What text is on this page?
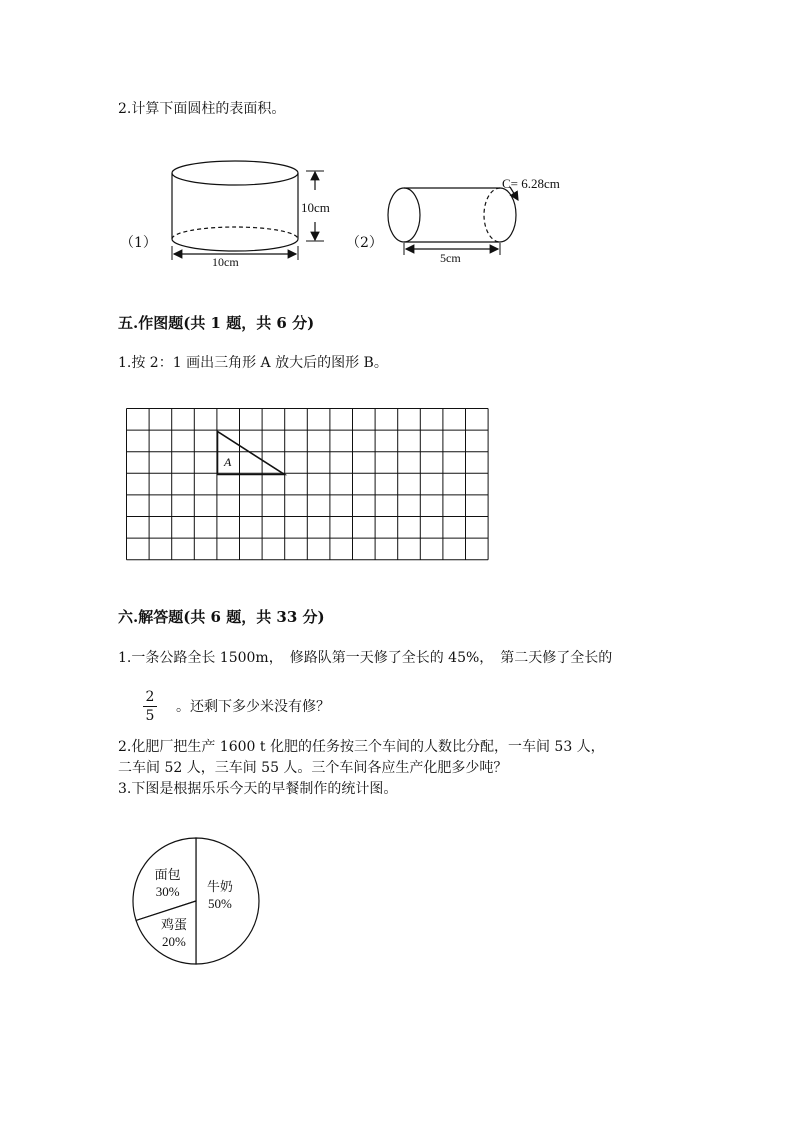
2.计算下面圆柱的表面积。
（1）
10cm
10cm
（2）
C= 6.28cm
5cm
五.作图题(共 1 题，共 6 分)
1.按 2：1 画出三角形 A 放大后的图形 B。
A
六.解答题(共 6 题，共 33 分)
1.一条公路全长 1500m，　修路队第一天修了全长的 45%，　第二天修了全长的
$\frac{2}{5}$ 。还剩下多少米没有修？
2.化肥厂把生产 1600 t 化肥的任务按三个车间的人数比分配，一车间 53 人，
二车间 52 人，三车间 55 人。三个车间各应生产化肥多少吨？
3.下图是根据乐乐今天的早餐制作的统计图。
牛奶
50%
面包
30%
鸡蛋
20%
